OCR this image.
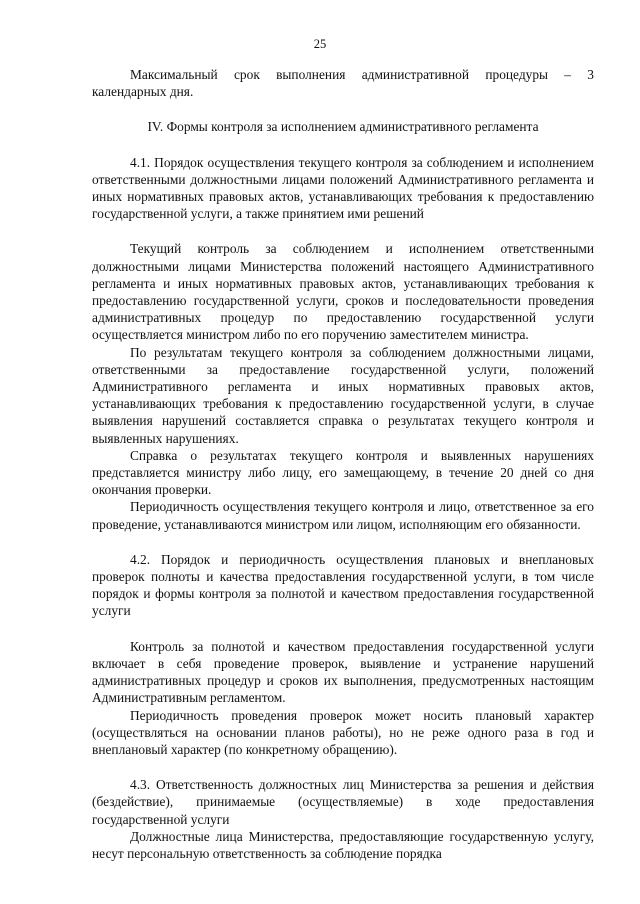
25

Максимальный срок выполнения административной процедуры – 3 календарных дня.

IV. Формы контроля за исполнением административного регламента

4.1. Порядок осуществления текущего контроля за соблюдением и исполнением ответственными должностными лицами положений Административного регламента и иных нормативных правовых актов, устанавливающих требования к предоставлению государственной услуги, а также принятием ими решений

Текущий контроль за соблюдением и исполнением ответственными должностными лицами Министерства положений настоящего Административного регламента и иных нормативных правовых актов, устанавливающих требования к предоставлению государственной услуги, сроков и последовательности проведения административных процедур по предоставлению государственной услуги осуществляется министром либо по его поручению заместителем министра.

По результатам текущего контроля за соблюдением должностными лицами, ответственными за предоставление государственной услуги, положений Административного регламента и иных нормативных правовых актов, устанавливающих требования к предоставлению государственной услуги, в случае выявления нарушений составляется справка о результатах текущего контроля и выявленных нарушениях.

Справка о результатах текущего контроля и выявленных нарушениях представляется министру либо лицу, его замещающему, в течение 20 дней со дня окончания проверки.

Периодичность осуществления текущего контроля и лицо, ответственное за его проведение, устанавливаются министром или лицом, исполняющим его обязанности.

4.2. Порядок и периодичность осуществления плановых и внеплановых проверок полноты и качества предоставления государственной услуги, в том числе порядок и формы контроля за полнотой и качеством предоставления государственной услуги

Контроль за полнотой и качеством предоставления государственной услуги включает в себя проведение проверок, выявление и устранение нарушений административных процедур и сроков их выполнения, предусмотренных настоящим Административным регламентом.

Периодичность проведения проверок может носить плановый характер (осуществляться на основании планов работы), но не реже одного раза в год и внеплановый характер (по конкретному обращению).

4.3. Ответственность должностных лиц Министерства за решения и действия (бездействие), принимаемые (осуществляемые) в ходе предоставления государственной услуги

Должностные лица Министерства, предоставляющие государственную услугу, несут персональную ответственность за соблюдение порядка
